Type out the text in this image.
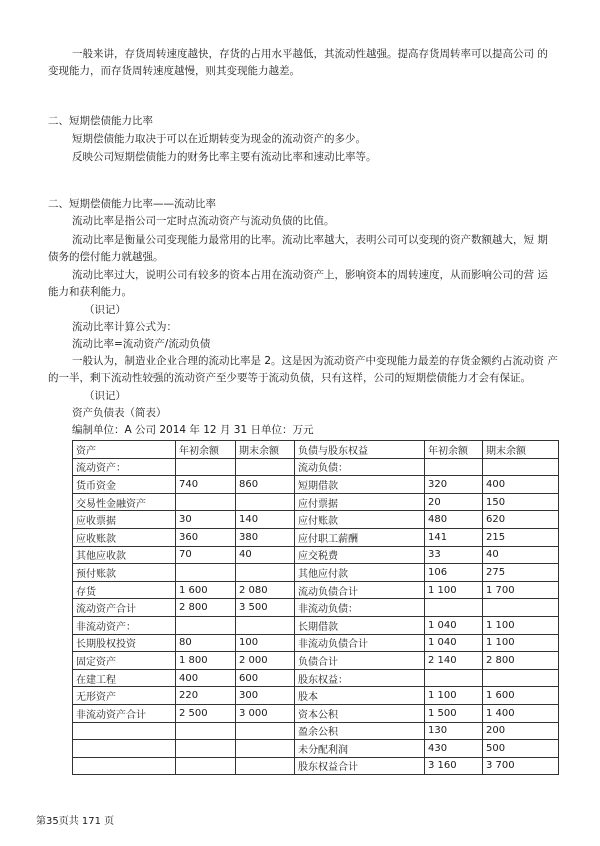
一般来讲，存货周转速度越快，存货的占用水平越低，其流动性越强。提高存货周转率可以提高公司 的变现能力，而存货周转速度越慢，则其变现能力越差。
二、短期偿债能力比率
短期偿债能力取决于可以在近期转变为现金的流动资产的多少。
反映公司短期偿债能力的财务比率主要有流动比率和速动比率等。
二、短期偿债能力比率——流动比率
流动比率是指公司一定时点流动资产与流动负债的比值。
流动比率是衡量公司变现能力最常用的比率。流动比率越大，表明公司可以变现的资产数额越大，短 期债务的偿付能力就越强。
流动比率过大，说明公司有较多的资本占用在流动资产上，影响资本的周转速度，从而影响公司的营 运能力和获利能力。
（识记）
流动比率计算公式为：
流动比率=流动资产/流动负债
一般认为，制造业企业合理的流动比率是 2。这是因为流动资产中变现能力最差的存货金额约占流动资 产的一半，剩下流动性较强的流动资产至少要等于流动负债，只有这样，公司的短期偿债能力才会有保证。
（识记）
资产负债表（简表）
编制单位：A 公司 2014 年 12 月 31 日单位：万元
资产	年初余额	期末余额	负债与股东权益	年初余额	期末余额
流动资产：			流动负债：		
货币资金	740	860	短期借款	320	400
交易性金融资产			应付票据	20	150
应收票据	30	140	应付账款	480	620
应收账款	360	380	应付职工薪酬	141	215
其他应收款	70	40	应交税费	33	40
预付账款			其他应付款	106	275
存货	1 600	2 080	流动负债合计	1 100	1 700
流动资产合计	2 800	3 500	非流动负债：		
非流动资产：			长期借款	1 040	1 100
长期股权投资	80	100	非流动负债合计	1 040	1 100
固定资产	1 800	2 000	负债合计	2 140	2 800
在建工程	400	600	股东权益：		
无形资产	220	300	股本	1 100	1 600
非流动资产合计	2 500	3 000	资本公积	1 500	1 400
			盈余公积	130	200
			未分配利润	430	500
			股东权益合计	3 160	3 700
第35页共 171 页
